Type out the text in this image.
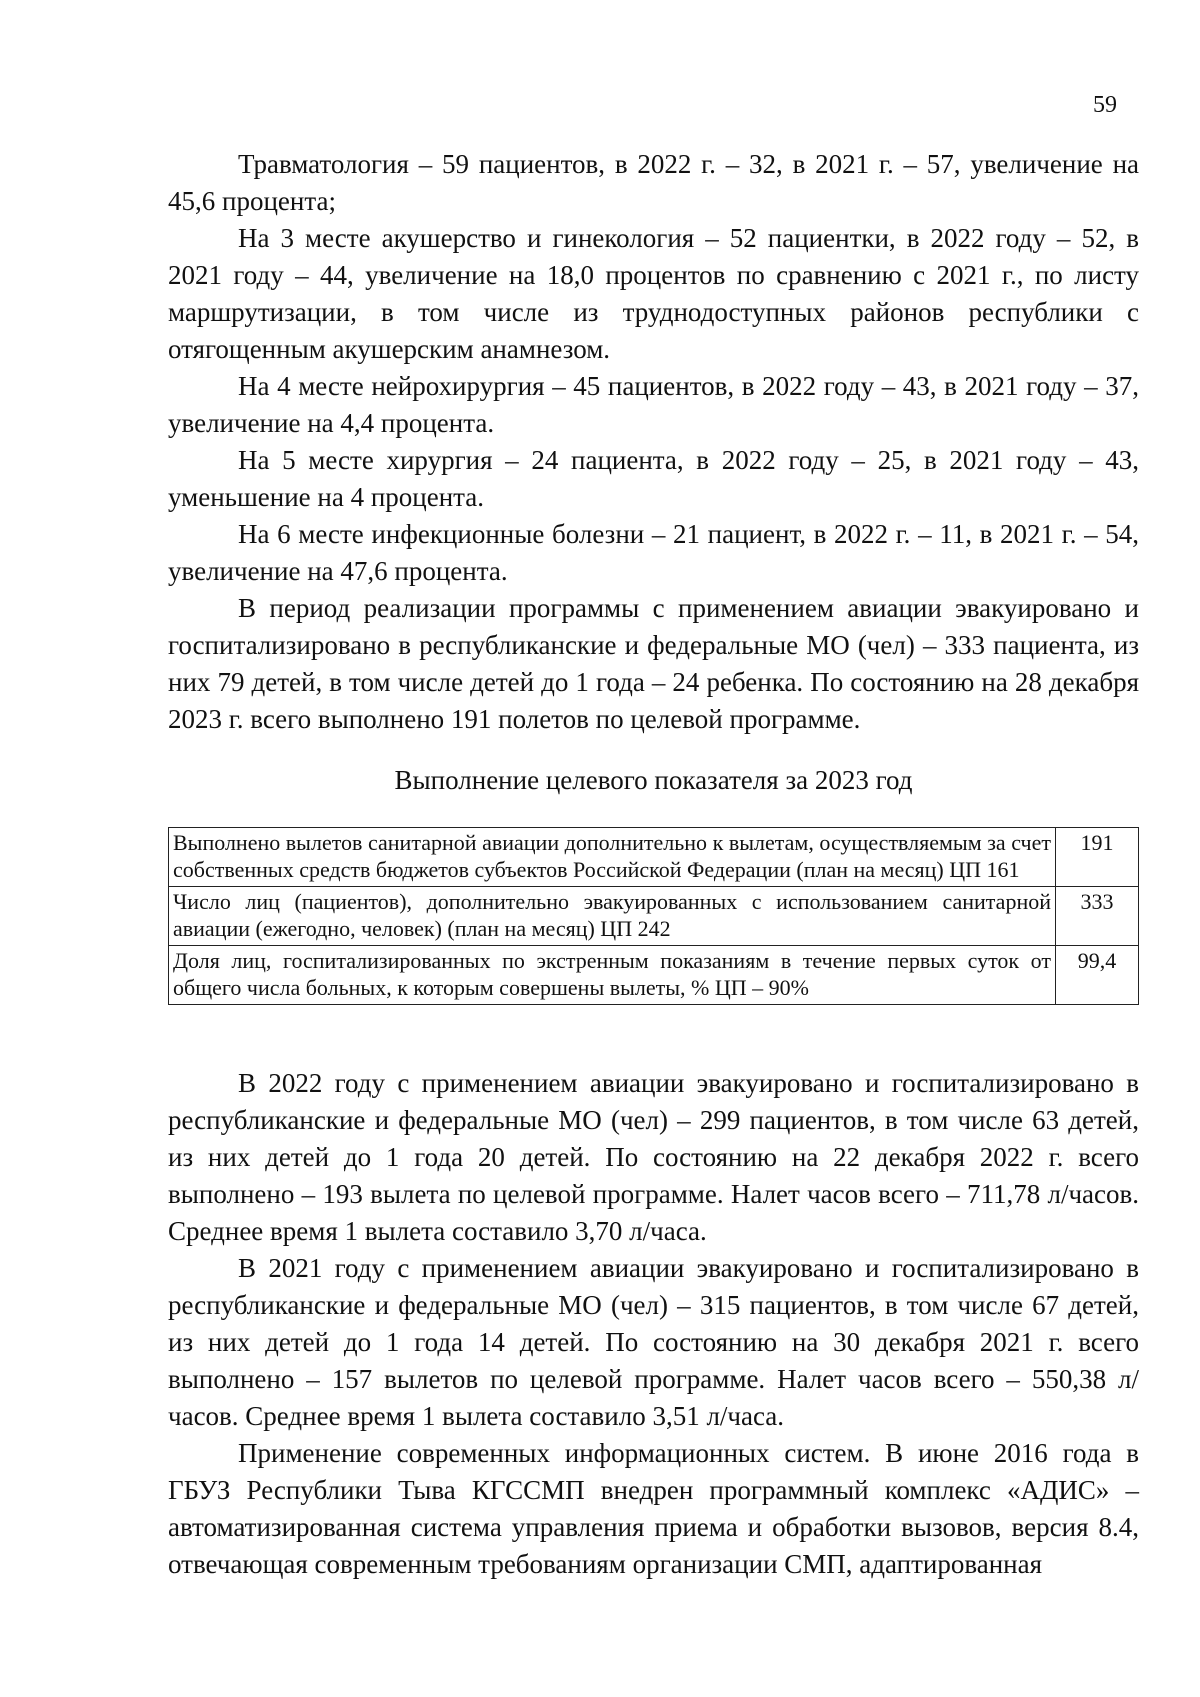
59

Травматология – 59 пациентов, в 2022 г. – 32, в 2021 г. – 57, увеличение на 45,6 процента;

На 3 месте акушерство и гинекология – 52 пациентки, в 2022 году – 52, в 2021 году – 44, увеличение на 18,0 процентов по сравнению с 2021 г., по листу маршрутизации, в том числе из труднодоступных районов республики с отягощенным акушерским анамнезом.

На 4 месте нейрохирургия – 45 пациентов, в 2022 году – 43, в 2021 году – 37, увеличение на 4,4 процента.

На 5 месте хирургия – 24 пациента, в 2022 году – 25, в 2021 году – 43, уменьшение на 4 процента.

На 6 месте инфекционные болезни – 21 пациент, в 2022 г. – 11, в 2021 г. – 54, увеличение на 47,6 процента.

В период реализации программы с применением авиации эвакуировано и госпитализировано в республиканские и федеральные МО (чел) – 333 пациента, из них 79 детей, в том числе детей до 1 года – 24 ребенка. По состоянию на 28 декабря 2023 г. всего выполнено 191 полетов по целевой программе.

Выполнение целевого показателя за 2023 год
Выполнено вылетов санитарной авиации дополнительно к вылетам, осуществляемым за счет собственных средств бюджетов субъектов Российской Федерации (план на месяц) ЦП 161	191
Число лиц (пациентов), дополнительно эвакуированных с использованием санитарной авиации (ежегодно, человек) (план на месяц) ЦП 242	333
Доля лиц, госпитализированных по экстренным показаниям в течение первых суток от общего числа больных, к которым совершены вылеты, % ЦП – 90%	99,4

В 2022 году с применением авиации эвакуировано и госпитализировано в республиканские и федеральные МО (чел) – 299 пациентов, в том числе 63 детей, из них детей до 1 года 20 детей. По состоянию на 22 декабря 2022 г. всего выполнено – 193 вылета по целевой программе. Налет часов всего – 711,78 л/часов. Среднее время 1 вылета составило 3,70 л/часа.

В 2021 году с применением авиации эвакуировано и госпитализировано в республиканские и федеральные МО (чел) – 315 пациентов, в том числе 67 детей, из них детей до 1 года 14 детей. По состоянию на 30 декабря 2021 г. всего выполнено – 157 вылетов по целевой программе. Налет часов всего – 550,38 л/часов. Среднее время 1 вылета составило 3,51 л/часа.

Применение современных информационных систем. В июне 2016 года в ГБУЗ Республики Тыва КГССМП внедрен программный комплекс «АДИС» – автоматизированная система управления приема и обработки вызовов, версия 8.4, отвечающая современным требованиям организации СМП, адаптированная
